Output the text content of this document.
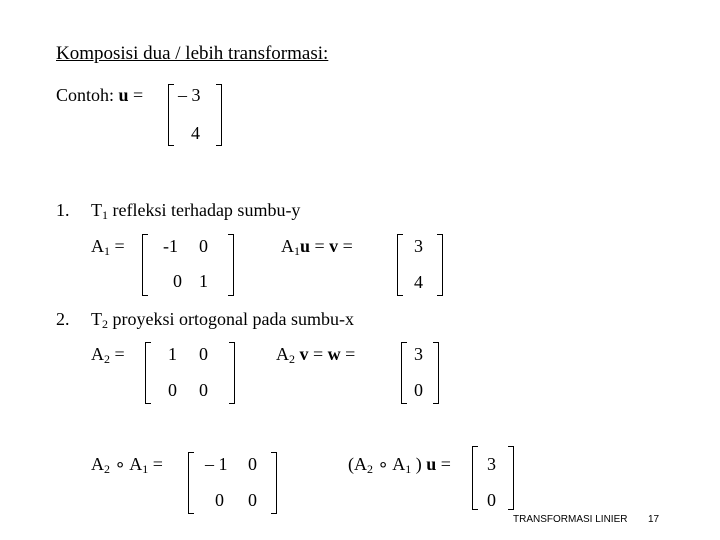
Komposisi dua / lebih transformasi:
Contoh: u = – 3
4
1. $T_1$ refleksi terhadap sumbu-y
$A_1 = -1$ 0
0 1
$A_1u = v$ =	3
4
2. $T_2$ proyeksi ortogonal pada sumbu-x
$A_2 = 1$ 0
0 0
$A_2$ v = w =	3
0
$A_2$ ∘ $A_1$ = – 1 0
0 0
($A_2$ ∘ $A_1$ ) u = 3
0
TRANSFORMASI LINIER 17
